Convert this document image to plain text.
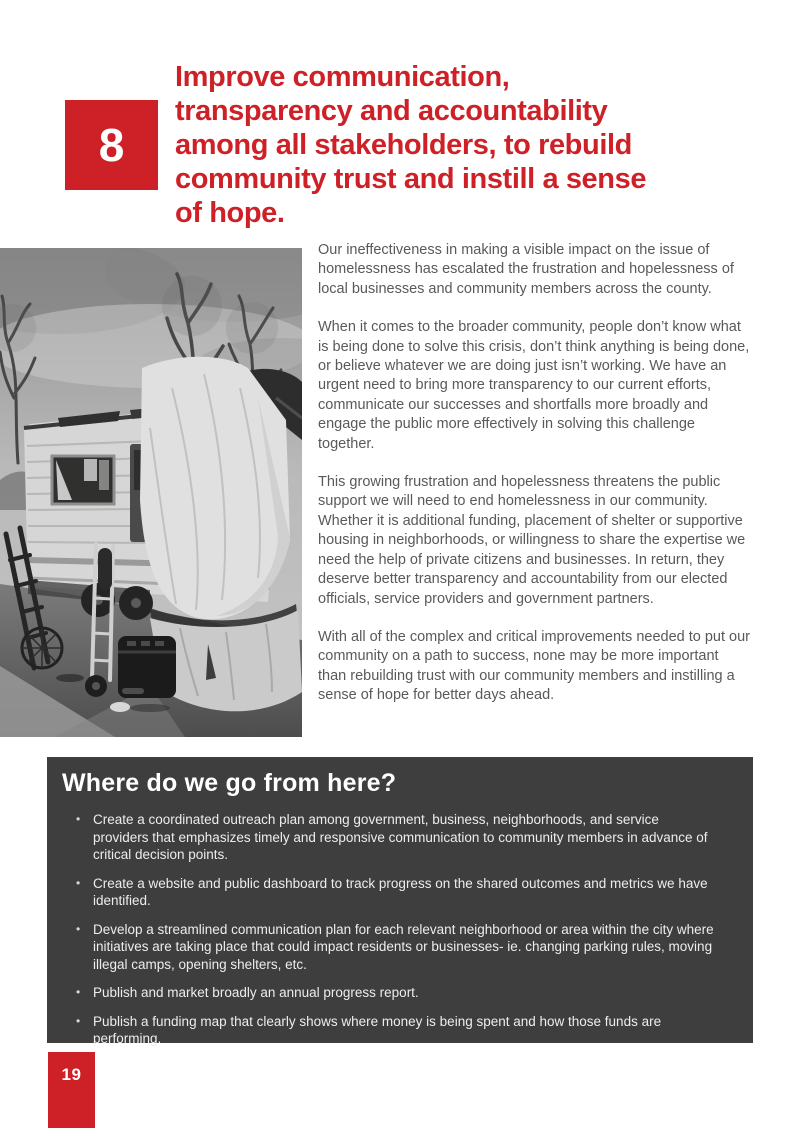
8
Improve communication,
transparency and accountability
among all stakeholders, to rebuild
community trust and instill a sense
of hope.

Our ineffectiveness in making a visible impact on the issue of homelessness has escalated the frustration and hopelessness of local businesses and community members across the county.

When it comes to the broader community, people don’t know what is being done to solve this crisis, don’t think anything is being done, or believe whatever we are doing just isn’t working. We have an urgent need to bring more transparency to our current efforts, communicate our successes and shortfalls more broadly and engage the public more effectively in solving this challenge together.

This growing frustration and hopelessness threatens the public support we will need to end homelessness in our community. Whether it is additional funding, placement of shelter or supportive housing in neighborhoods, or willingness to share the expertise we need the help of private citizens and businesses. In return, they deserve better transparency and accountability from our elected officials, service providers and government partners.

With all of the complex and critical improvements needed to put our community on a path to success, none may be more important than rebuilding trust with our community members and instilling a sense of hope for better days ahead.

Where do we go from here?
• Create a coordinated outreach plan among government, business, neighborhoods, and service providers that emphasizes timely and responsive communication to community members in advance of critical decision points.
• Create a website and public dashboard to track progress on the shared outcomes and metrics we have identified.
• Develop a streamlined communication plan for each relevant neighborhood or area within the city where initiatives are taking place that could impact residents or businesses- ie. changing parking rules, moving illegal camps, opening shelters, etc.
• Publish and market broadly an annual progress report.
• Publish a funding map that clearly shows where money is being spent and how those funds are performing.
19
